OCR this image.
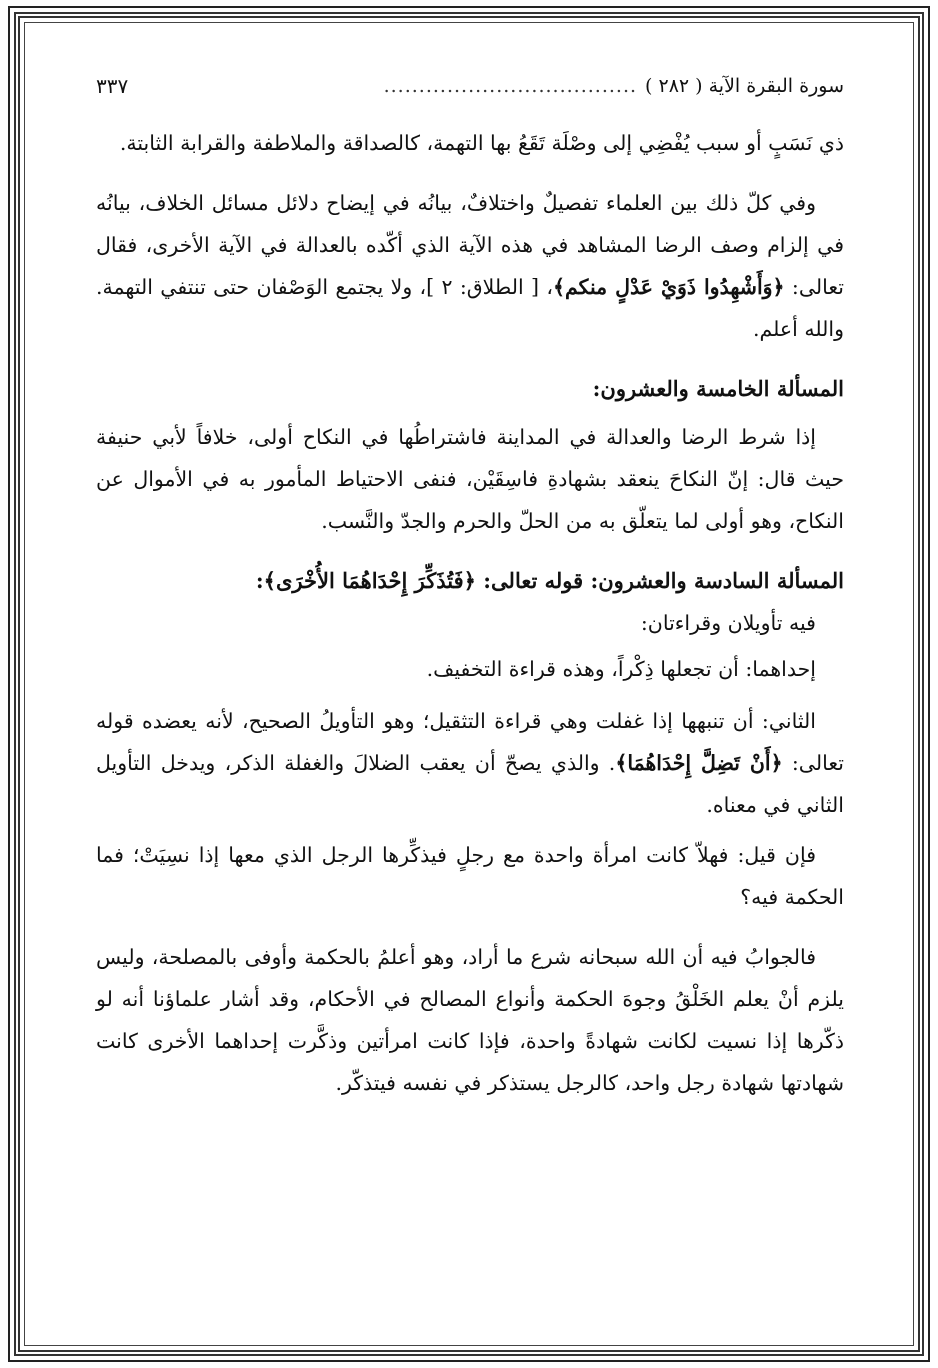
سورة البقرة الآية ( ٢٨٢ )
....................................
٣٣٧

ذي نَسَبٍ أو سبب يُفْضِي إلى وصْلَة تَقَعُ بها التهمة، كالصداقة والملاطفة والقرابة الثابتة.

وفي كلّ ذلك بين العلماء تفصيلٌ واختلافٌ، بيانُه في إيضاح دلائل مسائل الخلاف، بيانُه في إلزام وصف الرضا المشاهد في هذه الآية الذي أكّده بالعدالة في الآية الأخرى، فقال تعالى: ﴿وَأَشْهِدُوا ذَوَيْ عَدْلٍ منكم﴾، [ الطلاق: ٢ ]، ولا يجتمع الوَصْفان حتى تنتفي التهمة. والله أعلم.

المسألة الخامسة والعشرون:

إذا شرط الرضا والعدالة في المداينة فاشتراطُها في النكاح أولى، خلافاً لأبي حنيفة حيث قال: إنّ النكاحَ ينعقد بشهادةِ فاسِقَيْن، فنفى الاحتياط المأمور به في الأموال عن النكاح، وهو أولى لما يتعلّق به من الحلّ والحرم والجدّ والنَّسب.

المسألة السادسة والعشرون: قوله تعالى: ﴿فَتُذَكِّرَ إِحْدَاهُمَا الأُخْرَى﴾:

فيه تأويلان وقراءتان:

إحداهما: أن تجعلها ذِكْراً، وهذه قراءة التخفيف.

الثاني: أن تنبهها إذا غفلت وهي قراءة التثقيل؛ وهو التأويلُ الصحيح، لأنه يعضده قوله تعالى: ﴿أَنْ تَضِلَّ إِحْدَاهُمَا﴾. والذي يصحّ أن يعقب الضلالَ والغفلة الذكر، ويدخل التأويل الثاني في معناه.

فإن قيل: فهلاّ كانت امرأة واحدة مع رجلٍ فيذكِّرها الرجل الذي معها إذا نسِيَتْ؛ فما الحكمة فيه؟

فالجوابُ فيه أن الله سبحانه شرع ما أراد، وهو أعلمُ بالحكمة وأوفى بالمصلحة، وليس يلزم أنْ يعلم الخَلْقُ وجوهَ الحكمة وأنواع المصالح في الأحكام، وقد أشار علماؤنا أنه لو ذكّرها إذا نسيت لكانت شهادةً واحدة، فإذا كانت امرأتين وذكَّرت إحداهما الأخرى كانت شهادتها شهادة رجل واحد، كالرجل يستذكر في نفسه فيتذكّر.
